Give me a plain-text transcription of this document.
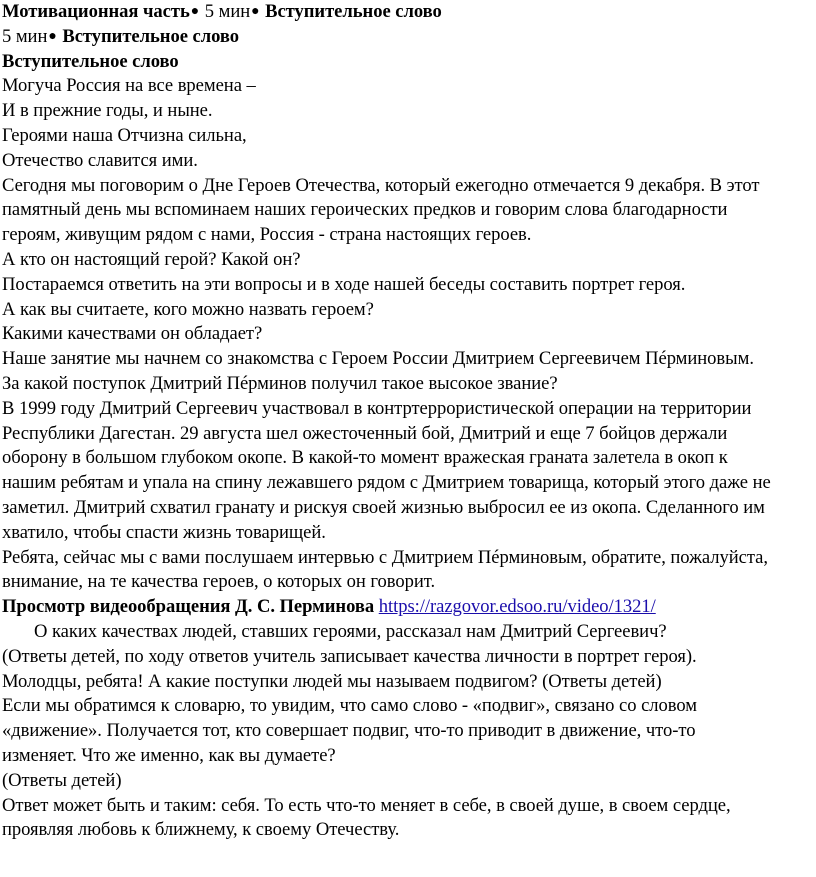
Мотивационная часть● 5 мин● Вступительное слово
5 мин● Вступительное слово
Вступительное слово
Могуча Россия на все времена –
И в прежние годы, и ныне.
Героями наша Отчизна сильна,
Отечество славится ими.
Сегодня мы поговорим о Дне Героев Отечества, который ежегодно отмечается 9 декабря. В этот
памятный день мы вспоминаем наших героических предков и говорим слова благодарности
героям, живущим рядом с нами, Россия - страна настоящих героев.
А кто он настоящий герой? Какой он?
Постараемся ответить на эти вопросы и в ходе нашей беседы составить портрет героя.
А как вы считаете, кого можно назвать героем?
Какими качествами он обладает?
Наше занятие мы начнем со знакомства с Героем России Дмитрием Сергеевичем Пéрминовым.
За какой поступок Дмитрий Пéрминов получил такое высокое звание?
В 1999 году Дмитрий Сергеевич участвовал в контртеррористической операции на территории
Республики Дагестан. 29 августа шел ожесточенный бой, Дмитрий и еще 7 бойцов держали
оборону в большом глубоком окопе. В какой-то момент вражеская граната залетела в окоп к
нашим ребятам и упала на спину лежавшего рядом с Дмитрием товарища, который этого даже не
заметил. Дмитрий схватил гранату и рискуя своей жизнью выбросил ее из окопа. Сделанного им
хватило, чтобы спасти жизнь товарищей.
Ребята, сейчас мы с вами послушаем интервью с Дмитрием Пéрминовым, обратите, пожалуйста,
внимание, на те качества героев, о которых он говорит.
Просмотр видеообращения Д. С. Перминова https://razgovor.edsoo.ru/video/1321/
О каких качествах людей, ставших героями, рассказал нам Дмитрий Сергеевич?
(Ответы детей, по ходу ответов учитель записывает качества личности в портрет героя).
Молодцы, ребята! А какие поступки людей мы называем подвигом? (Ответы детей)
Если мы обратимся к словарю, то увидим, что само слово - «подвиг», связано со словом
«движение». Получается тот, кто совершает подвиг, что-то приводит в движение, что-то
изменяет. Что же именно, как вы думаете?
(Ответы детей)
Ответ может быть и таким: себя. То есть что-то меняет в себе, в своей душе, в своем сердце,
проявляя любовь к ближнему, к своему Отечеству.
